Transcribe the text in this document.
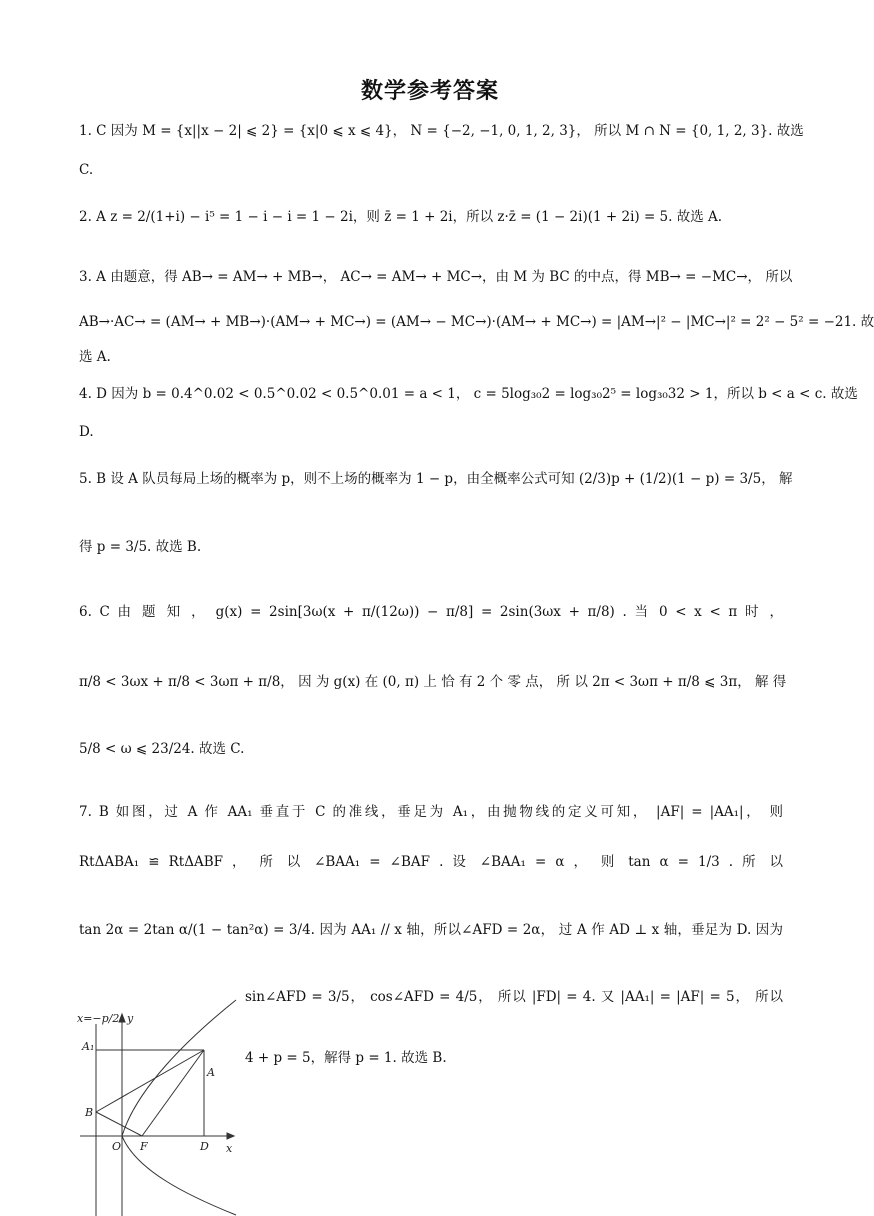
数学参考答案
1. C 因为 M = {x||x − 2| ⩽ 2} = {x|0 ⩽ x ⩽ 4}， N = {−2, −1, 0, 1, 2, 3}， 所以 M ∩ N = {0, 1, 2, 3}. 故选
C.
2. A z = 2/(1+i) − i⁵ = 1 − i − i = 1 − 2i，则 z̄ = 1 + 2i，所以 z·z̄ = (1 − 2i)(1 + 2i) = 5. 故选 A.
3. A 由题意，得 AB→ = AM→ + MB→， AC→ = AM→ + MC→，由 M 为 BC 的中点，得 MB→ = −MC→， 所以
AB→·AC→ = (AM→ + MB→)·(AM→ + MC→) = (AM→ − MC→)·(AM→ + MC→) = |AM→|² − |MC→|² = 2² − 5² = −21. 故
选 A.
4. D 因为 b = 0.4^0.02 < 0.5^0.02 < 0.5^0.01 = a < 1， c = 5log₃₀2 = log₃₀2⁵ = log₃₀32 > 1，所以 b < a < c. 故选
D.
5. B 设 A 队员每局上场的概率为 p，则不上场的概率为 1 − p，由全概率公式可知 (2/3)p + (1/2)(1 − p) = 3/5， 解
得 p = 3/5. 故选 B.
6. C 由 题 知 ， g(x) = 2sin[3ω(x + π/(12ω)) − π/8] = 2sin(3ωx + π/8) . 当 0 < x < π 时 ，
π/8 < 3ωx + π/8 < 3ωπ + π/8， 因 为 g(x) 在 (0, π) 上 恰 有 2 个 零 点， 所 以 2π < 3ωπ + π/8 ⩽ 3π， 解 得
5/8 < ω ⩽ 23/24. 故选 C.
7. B 如图，过 A 作 AA₁ 垂直于 C 的准线，垂足为 A₁，由抛物线的定义可知， |AF| = |AA₁|， 则
RtΔABA₁ ≌ RtΔABF ， 所 以 ∠BAA₁ = ∠BAF . 设 ∠BAA₁ = α ， 则 tan α = 1/3 . 所 以
tan 2α = 2tan α/(1 − tan²α) = 3/4. 因为 AA₁ // x 轴，所以∠AFD = 2α， 过 A 作 AD ⊥ x 轴，垂足为 D. 因为
sin∠AFD = 3/5， cos∠AFD = 4/5， 所以 |FD| = 4. 又 |AA₁| = |AF| = 5， 所以
4 + p = 5，解得 p = 1. 故选 B.
x=−p/2 y
x
A₁
A
B
O F	D
